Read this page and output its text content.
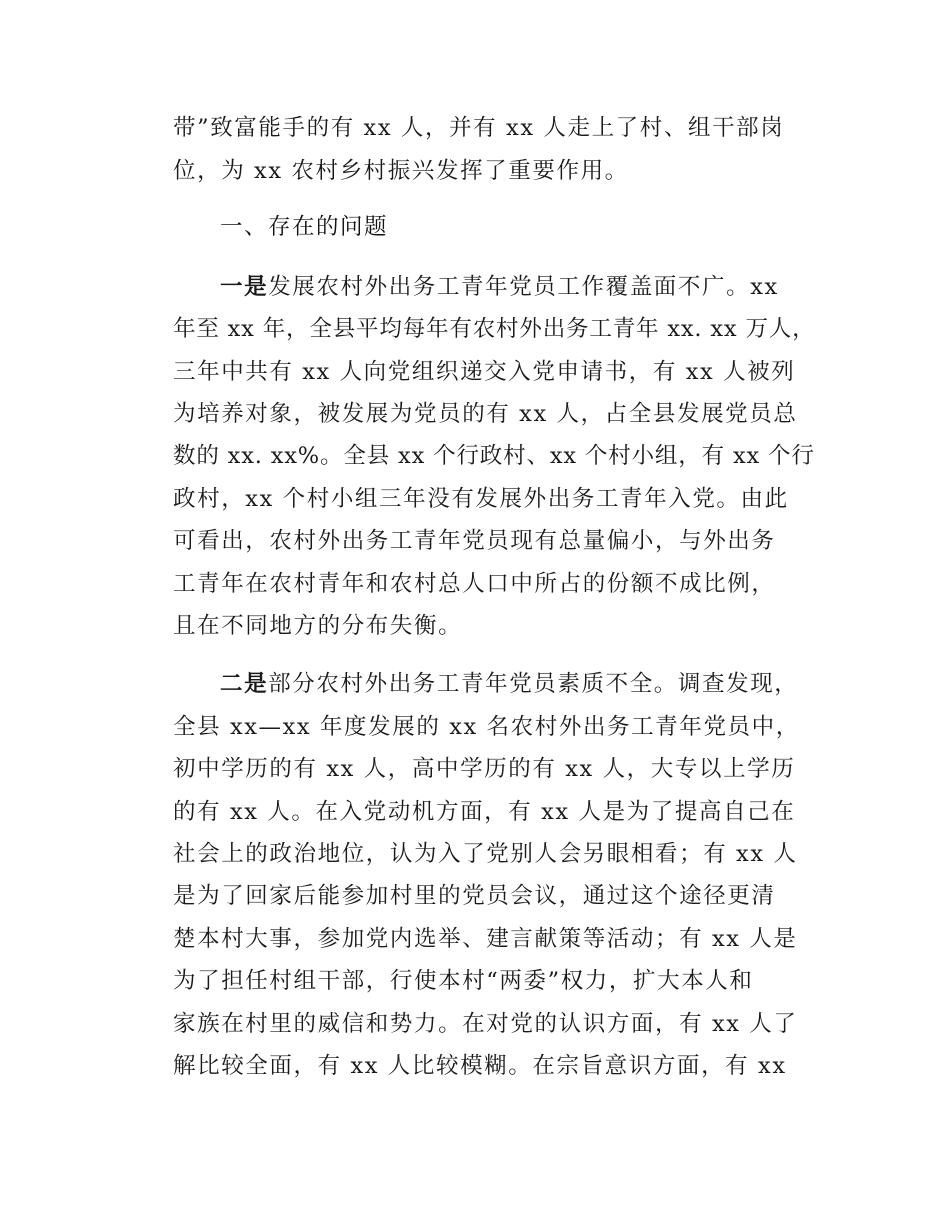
带”致富能手的有 xx 人，并有 xx 人走上了村、组干部岗
位，为 xx 农村乡村振兴发挥了重要作用。
一、存在的问题
一是发展农村外出务工青年党员工作覆盖面不广。xx
年至 xx 年，全县平均每年有农村外出务工青年 xx. xx 万人，
三年中共有 xx 人向党组织递交入党申请书，有 xx 人被列
为培养对象，被发展为党员的有 xx 人，占全县发展党员总
数的 xx. xx%。全县 xx 个行政村、xx 个村小组，有 xx 个行
政村，xx 个村小组三年没有发展外出务工青年入党。由此
可看出，农村外出务工青年党员现有总量偏小，与外出务
工青年在农村青年和农村总人口中所占的份额不成比例，
且在不同地方的分布失衡。
二是部分农村外出务工青年党员素质不全。调查发现，
全县 xx—xx 年度发展的 xx 名农村外出务工青年党员中，
初中学历的有 xx 人，高中学历的有 xx 人，大专以上学历
的有 xx 人。在入党动机方面，有 xx 人是为了提高自己在
社会上的政治地位，认为入了党别人会另眼相看；有 xx 人
是为了回家后能参加村里的党员会议，通过这个途径更清
楚本村大事，参加党内选举、建言献策等活动；有 xx 人是
为了担任村组干部，行使本村“两委”权力，扩大本人和
家族在村里的威信和势力。在对党的认识方面，有 xx 人了
解比较全面，有 xx 人比较模糊。在宗旨意识方面，有 xx
